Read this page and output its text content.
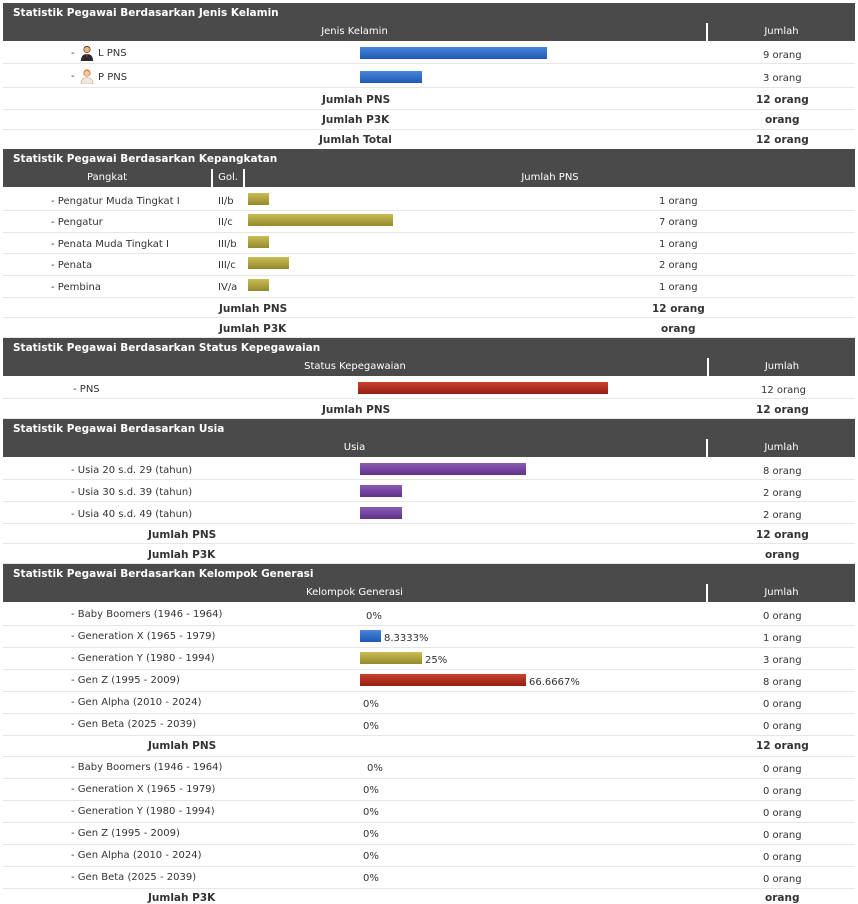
Statistik Pegawai Berdasarkan Jenis Kelamin
Jenis Kelamin	Jumlah
- L PNS	9 orang
- P PNS	3 orang
Jumlah PNS	12 orang
Jumlah P3K	orang
Jumlah Total	12 orang
Statistik Pegawai Berdasarkan Kepangkatan
Pangkat	Gol.	Jumlah PNS
- Pengatur Muda Tingkat I	II/b	1 orang
- Pengatur	II/c	7 orang
- Penata Muda Tingkat I	III/b	1 orang
- Penata	III/c	2 orang
- Pembina	IV/a	1 orang
Jumlah PNS	12 orang
Jumlah P3K	orang
Statistik Pegawai Berdasarkan Status Kepegawaian
Status Kepegawaian	Jumlah
- PNS	12 orang
Jumlah PNS	12 orang
Statistik Pegawai Berdasarkan Usia
Usia	Jumlah
- Usia 20 s.d. 29 (tahun)	8 orang
- Usia 30 s.d. 39 (tahun)	2 orang
- Usia 40 s.d. 49 (tahun)	2 orang
Jumlah PNS	12 orang
Jumlah P3K	orang
Statistik Pegawai Berdasarkan Kelompok Generasi
Kelompok Generasi	Jumlah
- Baby Boomers (1946 - 1964)	0%	0 orang
- Generation X (1965 - 1979)	8.3333%	1 orang
- Generation Y (1980 - 1994)	25%	3 orang
- Gen Z (1995 - 2009)	66.6667%	8 orang
- Gen Alpha (2010 - 2024)	0%	0 orang
- Gen Beta (2025 - 2039)	0%	0 orang
Jumlah PNS	12 orang
- Baby Boomers (1946 - 1964)	0%	0 orang
- Generation X (1965 - 1979)	0%	0 orang
- Generation Y (1980 - 1994)	0%	0 orang
- Gen Z (1995 - 2009)	0%	0 orang
- Gen Alpha (2010 - 2024)	0%	0 orang
- Gen Beta (2025 - 2039)	0%	0 orang
Jumlah P3K	orang
